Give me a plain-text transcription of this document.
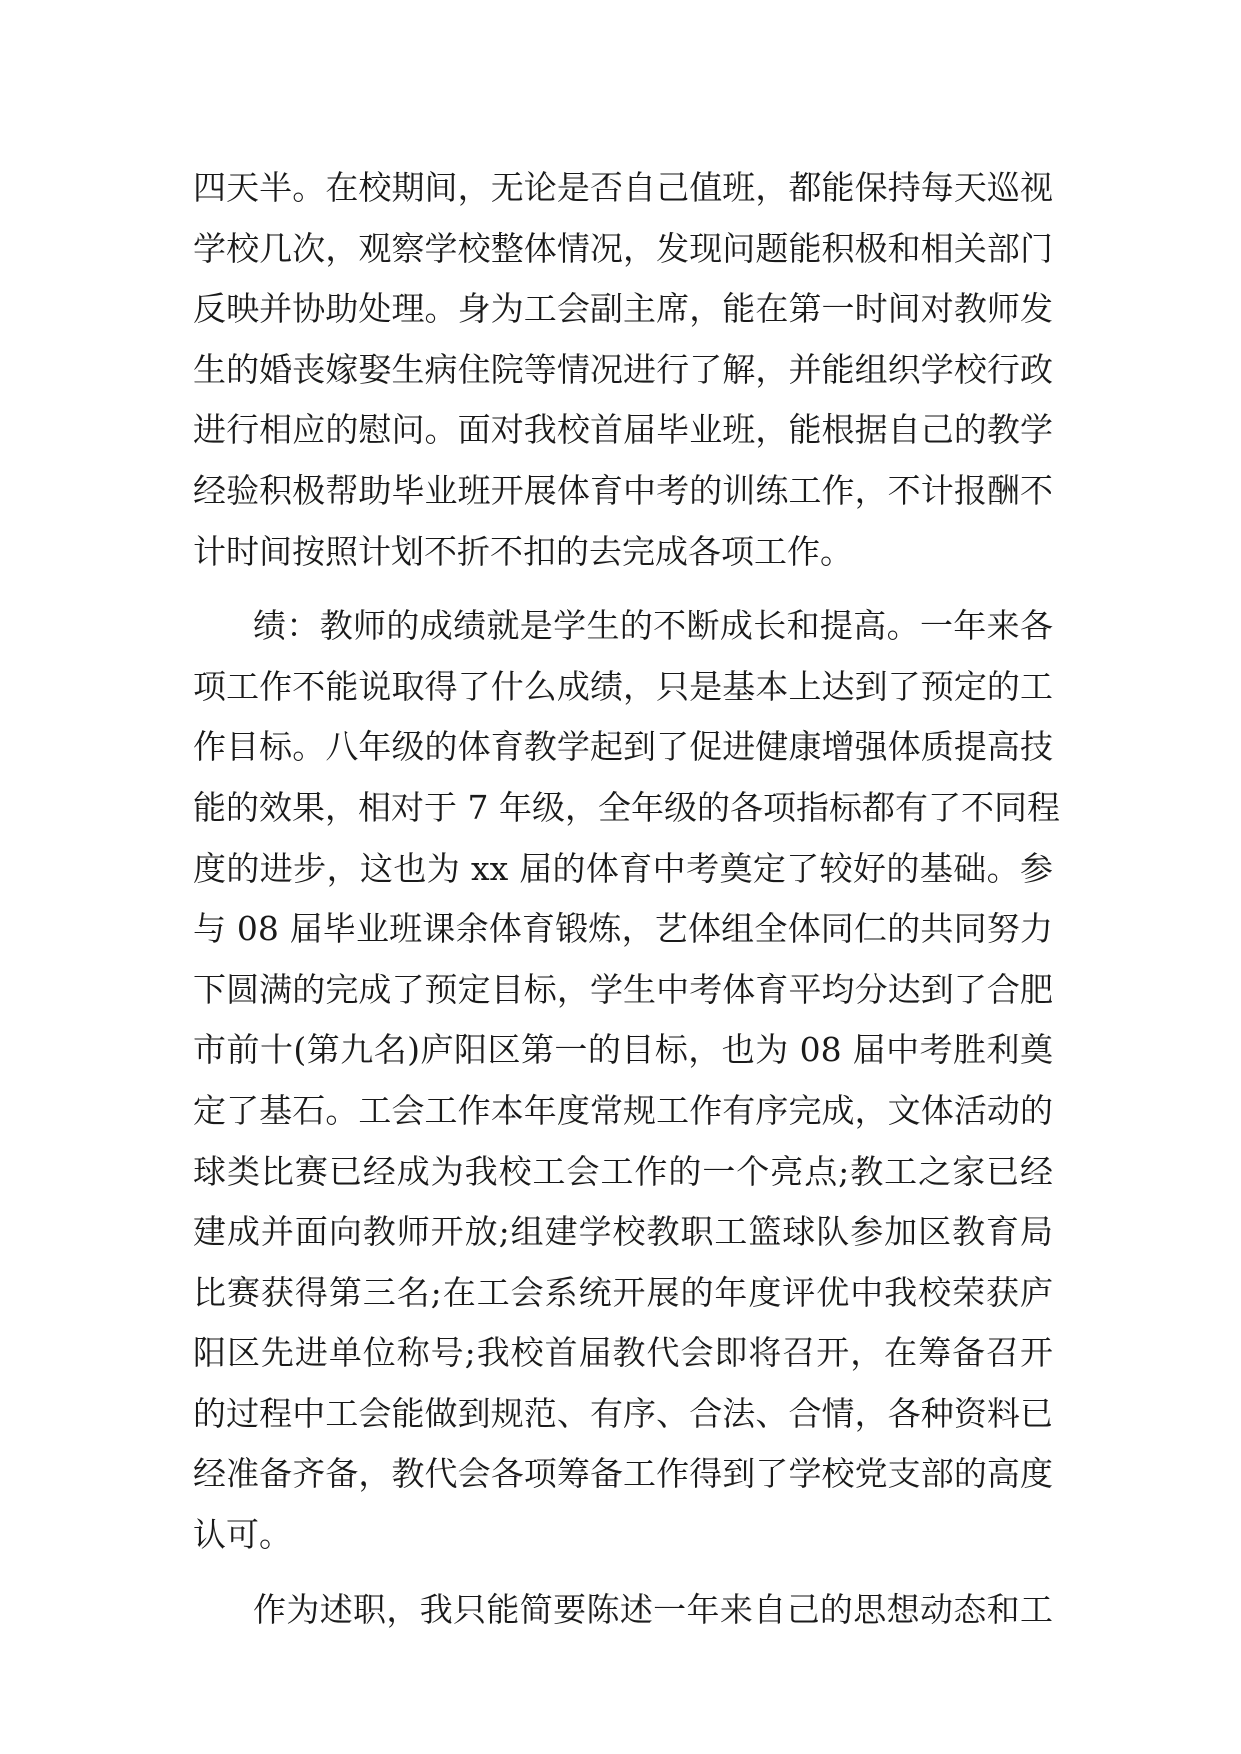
四天半。在校期间，无论是否自己值班，都能保持每天巡视
学校几次，观察学校整体情况，发现问题能积极和相关部门
反映并协助处理。身为工会副主席，能在第一时间对教师发
生的婚丧嫁娶生病住院等情况进行了解，并能组织学校行政
进行相应的慰问。面对我校首届毕业班，能根据自己的教学
经验积极帮助毕业班开展体育中考的训练工作，不计报酬不
计时间按照计划不折不扣的去完成各项工作。
绩：教师的成绩就是学生的不断成长和提高。一年来各
项工作不能说取得了什么成绩，只是基本上达到了预定的工
作目标。八年级的体育教学起到了促进健康增强体质提高技
能的效果，相对于 7 年级，全年级的各项指标都有了不同程
度的进步，这也为 xx 届的体育中考奠定了较好的基础。参
与 08 届毕业班课余体育锻炼，艺体组全体同仁的共同努力
下圆满的完成了预定目标，学生中考体育平均分达到了合肥
市前十(第九名)庐阳区第一的目标，也为 08 届中考胜利奠
定了基石。工会工作本年度常规工作有序完成，文体活动的
球类比赛已经成为我校工会工作的一个亮点;教工之家已经
建成并面向教师开放;组建学校教职工篮球队参加区教育局
比赛获得第三名;在工会系统开展的年度评优中我校荣获庐
阳区先进单位称号;我校首届教代会即将召开，在筹备召开
的过程中工会能做到规范、有序、合法、合情，各种资料已
经准备齐备，教代会各项筹备工作得到了学校党支部的高度
认可。
作为述职，我只能简要陈述一年来自己的思想动态和工
